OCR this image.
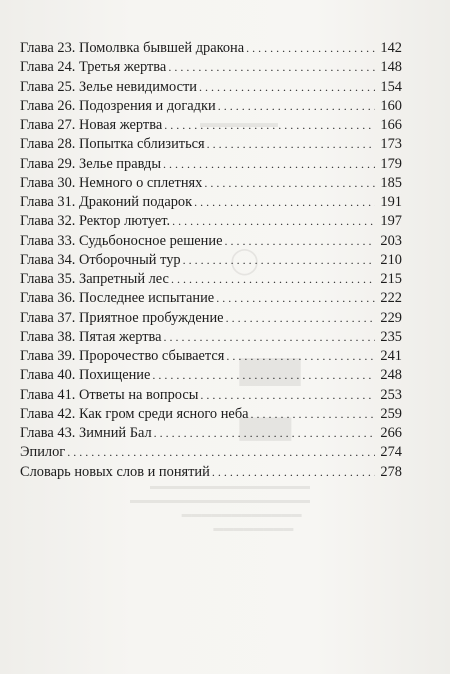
▬▬▬▬▬▬
◯
▇▇▇
▇▇▇
▬▬▬▬▬▬▬▬▬▬▬▬▬▬▬▬
▬▬▬▬▬▬▬▬▬▬▬▬▬▬▬▬▬▬
▬▬▬▬▬▬▬▬▬▬▬▬
▬▬▬▬▬▬▬▬
Глава 23. Помолвка бывшей дракона . . .	142
Глава 24. Третья жертва . . .	148
Глава 25. Зелье невидимости . . .	154
Глава 26. Подозрения и догадки . . .	160
Глава 27. Новая жертва . . .	166
Глава 28. Попытка сблизиться . . .	173
Глава 29. Зелье правды . . .	179
Глава 30. Немного о сплетнях . . .	185
Глава 31. Драконий подарок . . .	191
Глава 32. Ректор лютует. . . .	197
Глава 33. Судьбоносное решение . . .	203
Глава 34. Отборочный тур . . .	210
Глава 35. Запретный лес . . .	215
Глава 36. Последнее испытание . . .	222
Глава 37. Приятное пробуждение . . .	229
Глава 38. Пятая жертва . . .	235
Глава 39. Пророчество сбывается . . .	241
Глава 40. Похищение . . .	248
Глава 41. Ответы на вопросы . . .	253
Глава 42. Как гром среди ясного неба . . .	259
Глава 43. Зимний Бал . . .	266
Эпилог . . .	274
Словарь новых слов и понятий . . .	278
